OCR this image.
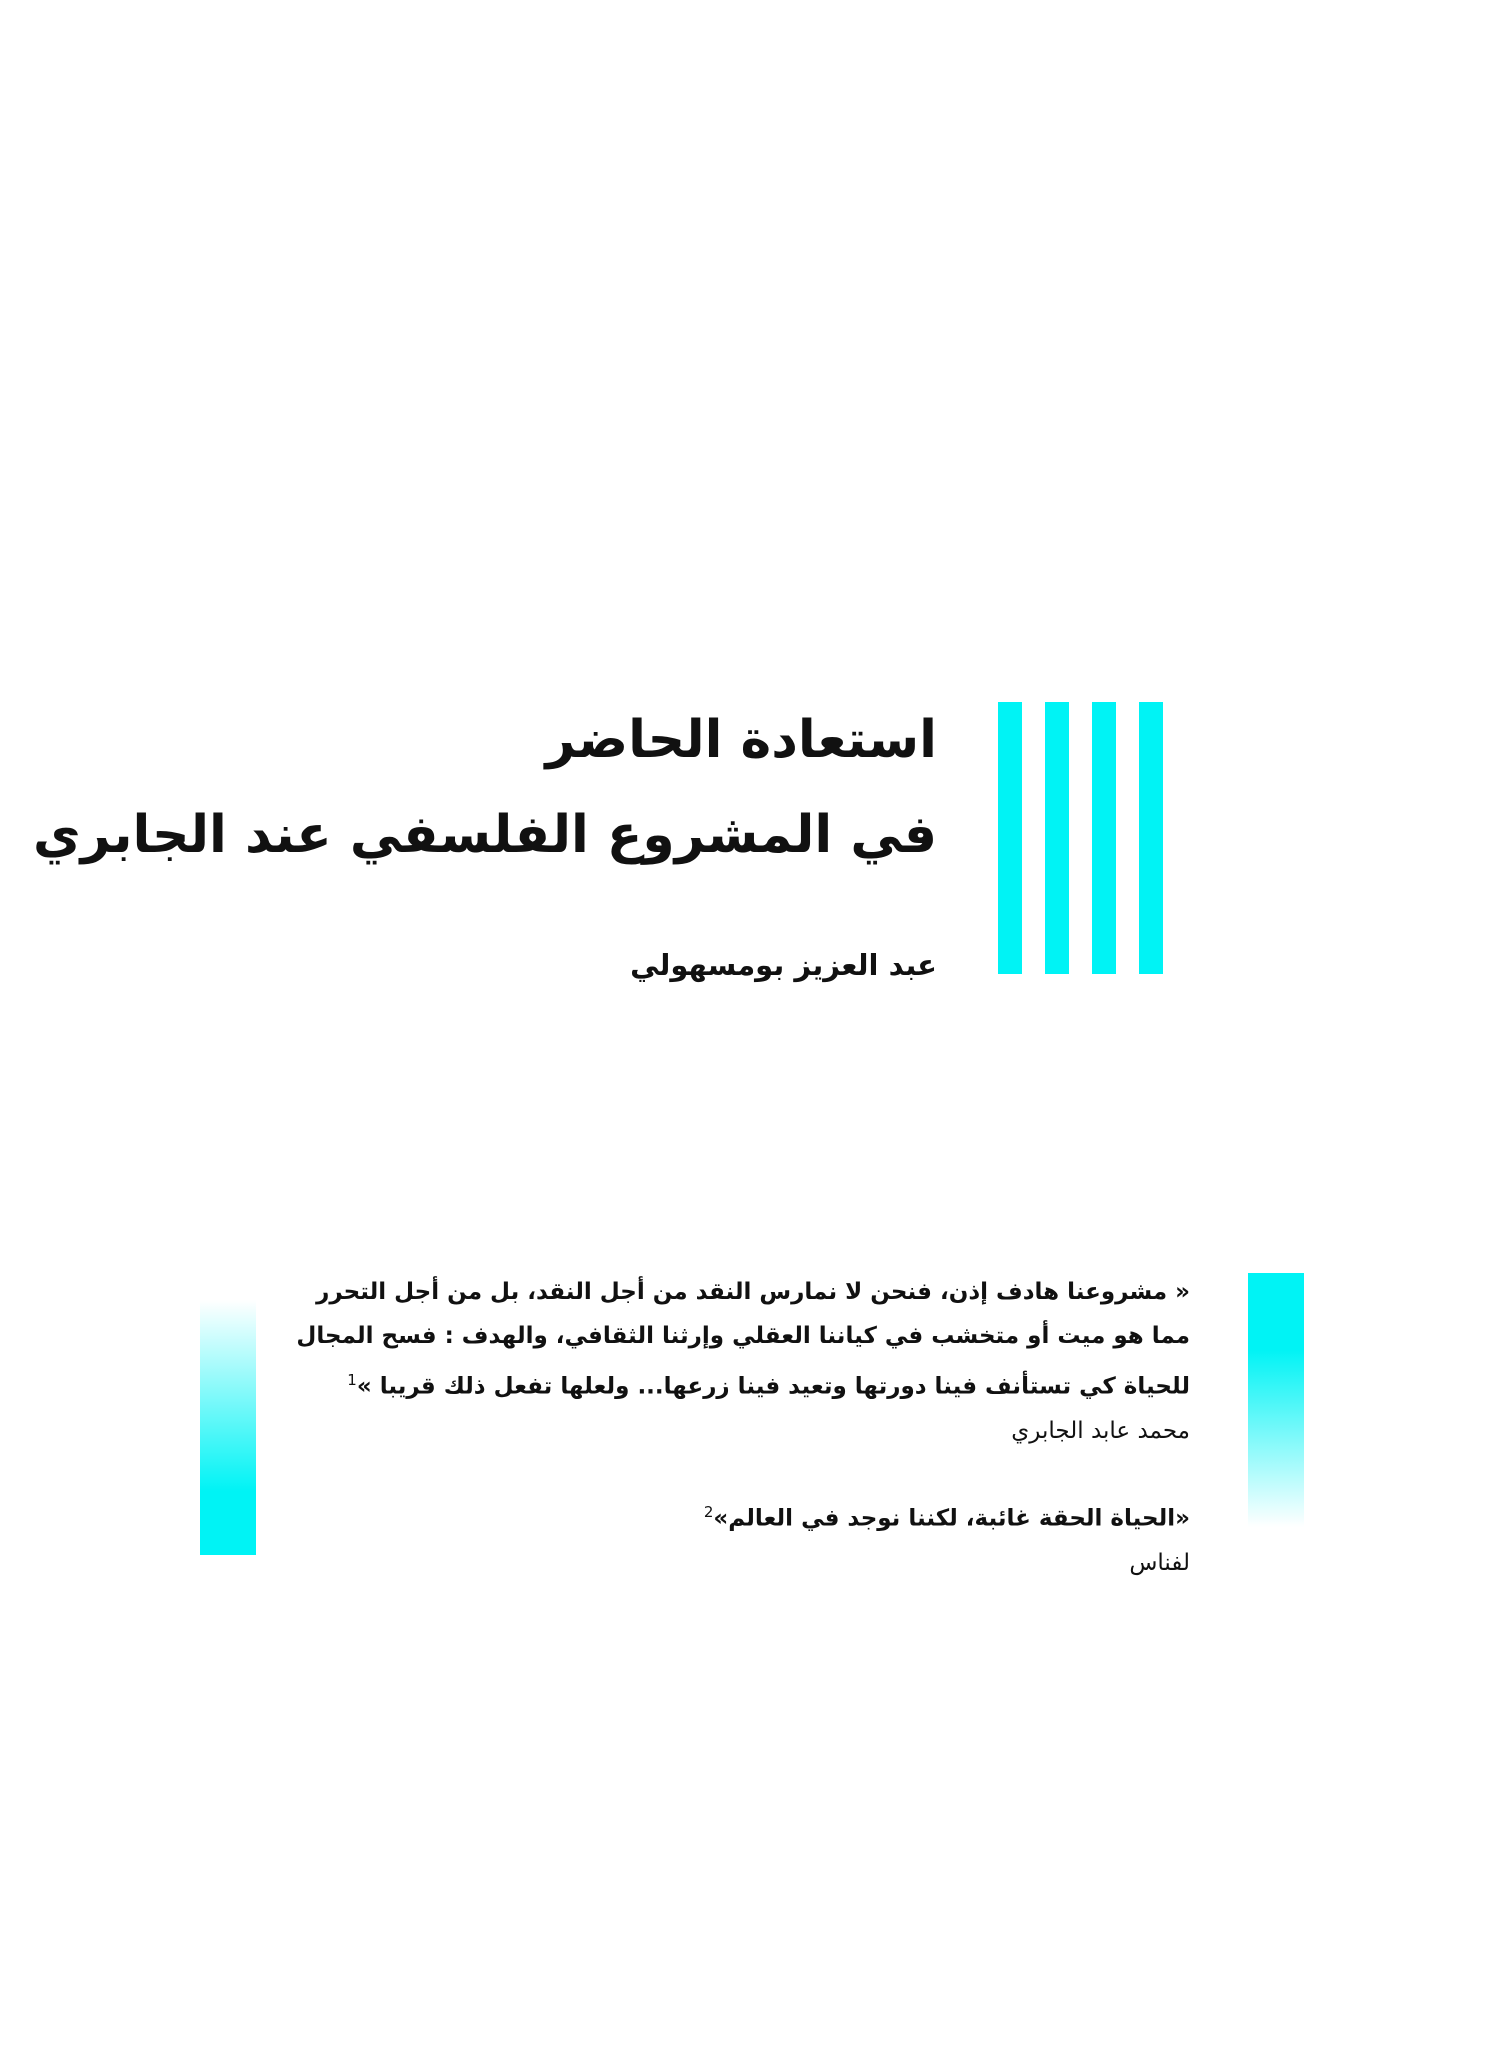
استعادة الحاضر
في المشروع الفلسفي عند الجابري
عبد العزيز بومسهولي
« مشروعنا هادف إذن، فنحن لا نمارس النقد من أجل النقد، بل من أجل التحرر
مما هو ميت أو متخشب في كياننا العقلي وإرثنا الثقافي، والهدف : فسح المجال
للحياة كي تستأنف فينا دورتها وتعيد فينا زرعها... ولعلها تفعل ذلك قريبا »$^1$
محمد عابد الجابري
«الحياة الحقة غائبة، لكننا نوجد في العالم»$^2$
لفناس
